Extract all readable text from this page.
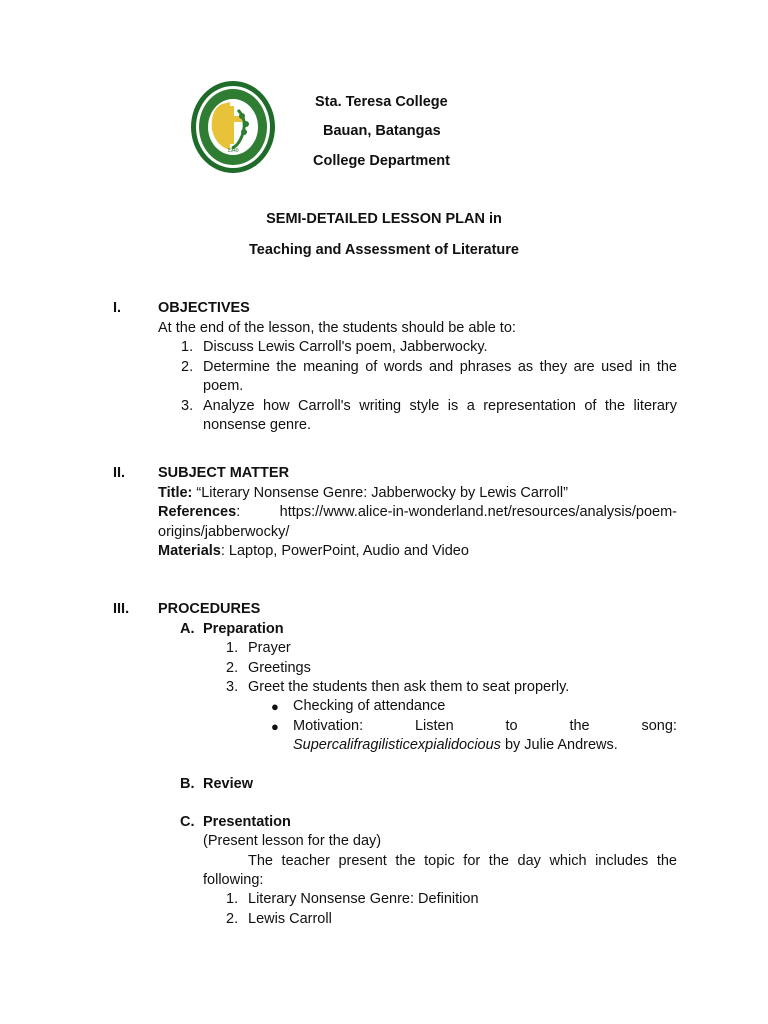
1940
Sta. Teresa College
Bauan, Batangas
College Department
SEMI-DETAILED LESSON PLAN in
Teaching and Assessment of Literature
I.	OBJECTIVES
At the end of the lesson, the students should be able to:
1. Discuss Lewis Carroll's poem, Jabberwocky.
2. Determine the meaning of words and phrases as they are used in the
poem.
3. Analyze how Carroll's writing style is a representation of the literary
nonsense genre.
II. SUBJECT MATTER
Title: “Literary Nonsense Genre: Jabberwocky by Lewis Carroll”
References: https://www.alice-in-wonderland.net/resources/analysis/poem-
origins/jabberwocky/
Materials: Laptop, PowerPoint, Audio and Video
III. PROCEDURES
A. Preparation
1. Prayer
2. Greetings
3. Greet the students then ask them to seat properly.
● Checking of attendance
● Motivation:	Listen	to	the	song:
Supercalifragilisticexpialidocious by Julie Andrews.
B. Review
C. Presentation
(Present lesson for the day)
The teacher present the topic for the day which includes the
following:
1. Literary Nonsense Genre: Definition
2. Lewis Carroll
